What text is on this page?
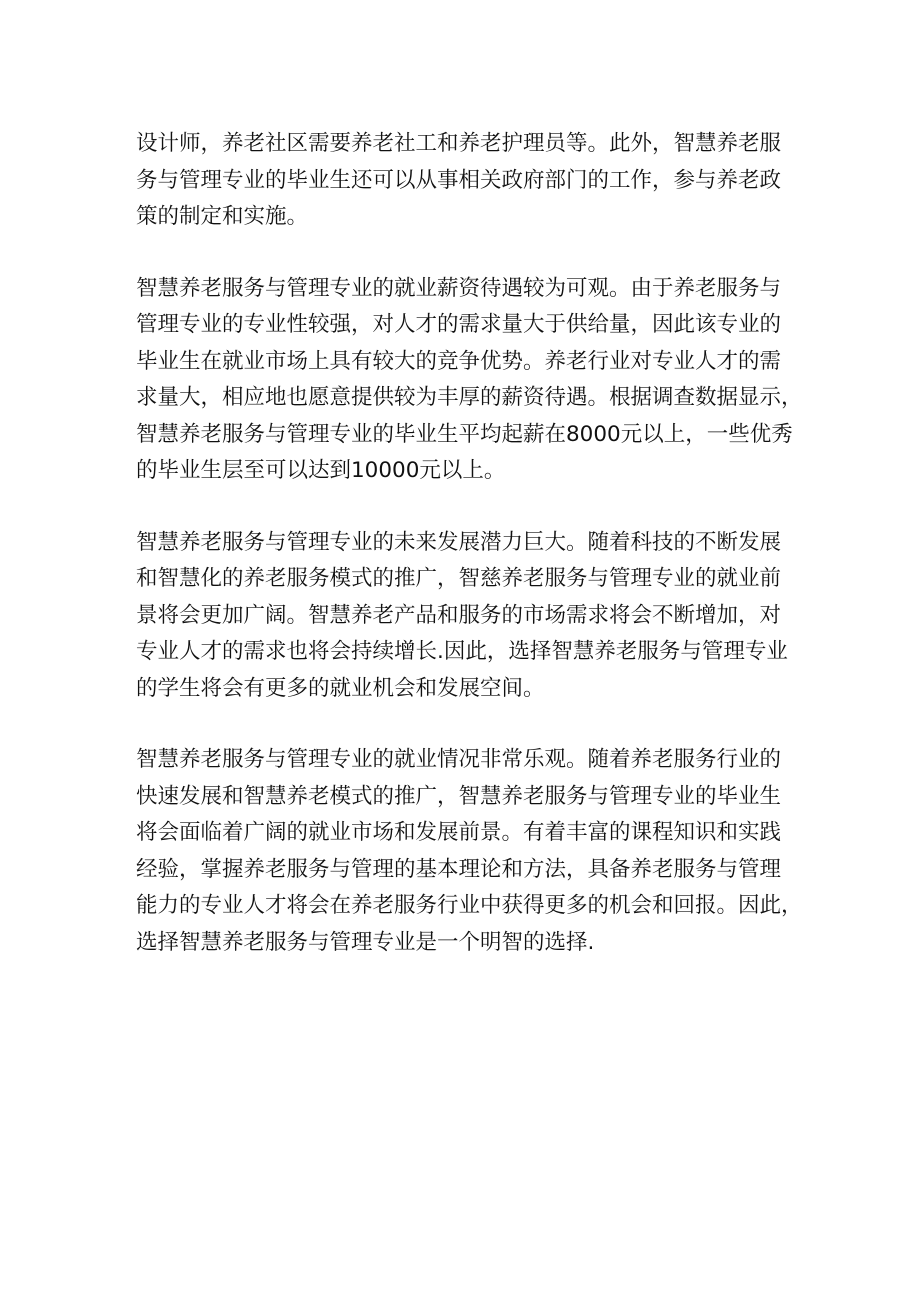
设计师，养老社区需要养老社工和养老护理员等。此外，智慧养老服
务与管理专业的毕业生还可以从事相关政府部门的工作，参与养老政
策的制定和实施。

智慧养老服务与管理专业的就业薪资待遇较为可观。由于养老服务与
管理专业的专业性较强，对人才的需求量大于供给量，因此该专业的
毕业生在就业市场上具有较大的竞争优势。养老行业对专业人才的需
求量大，相应地也愿意提供较为丰厚的薪资待遇。根据调查数据显示，
智慧养老服务与管理专业的毕业生平均起薪在8000元以上，一些优秀
的毕业生层至可以达到10000元以上。

智慧养老服务与管理专业的未来发展潜力巨大。随着科技的不断发展
和智慧化的养老服务模式的推广，智慈养老服务与管理专业的就业前
景将会更加广阔。智慧养老产品和服务的市场需求将会不断增加，对
专业人才的需求也将会持续增长.因此，选择智慧养老服务与管理专业
的学生将会有更多的就业机会和发展空间。

智慧养老服务与管理专业的就业情况非常乐观。随着养老服务行业的
快速发展和智慧养老模式的推广，智慧养老服务与管理专业的毕业生
将会面临着广阔的就业市场和发展前景。有着丰富的课程知识和实践
经验，掌握养老服务与管理的基本理论和方法，具备养老服务与管理
能力的专业人才将会在养老服务行业中获得更多的机会和回报。因此，
选择智慧养老服务与管理专业是一个明智的选择.
